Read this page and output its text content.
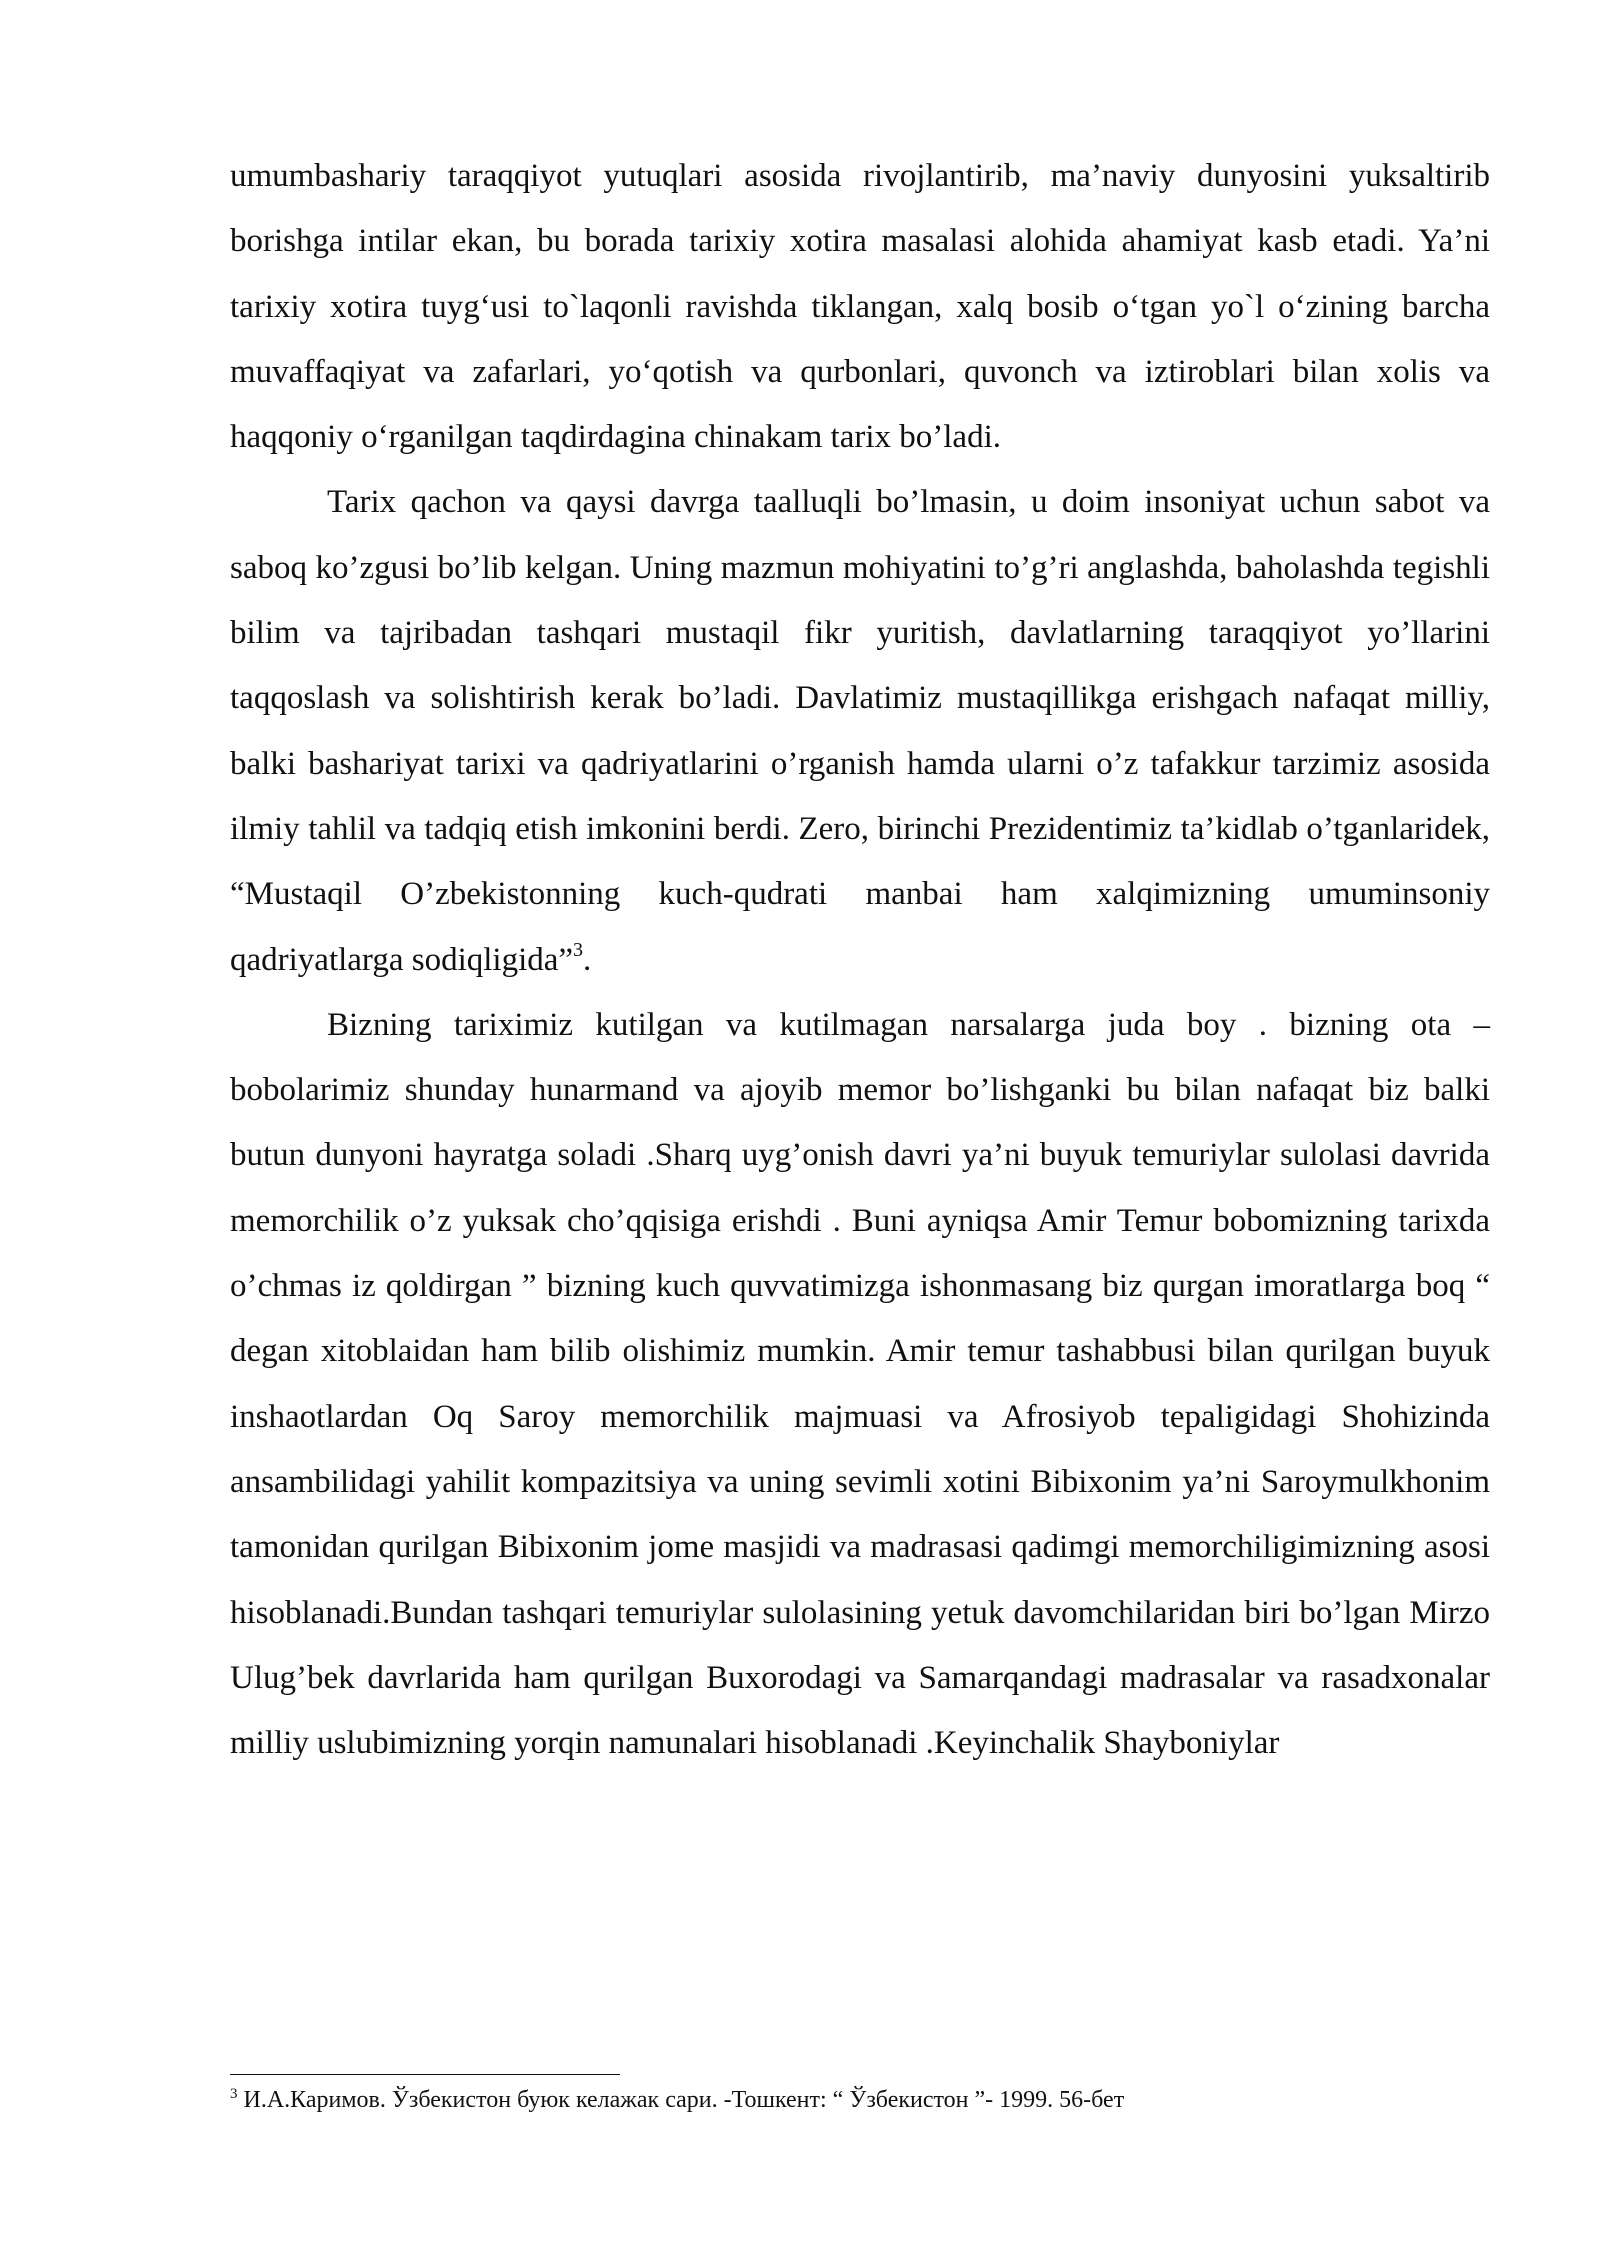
umumbashariy taraqqiyot yutuqlari asosida rivojlantirib, ma’naviy dunyosini yuksaltirib borishga intilar ekan, bu borada tarixiy xotira masalasi alohida ahamiyat kasb etadi. Ya’ni tarixiy xotira tuygʻusi to`laqonli ravishda tiklangan, xalq bosib oʻtgan yo`l oʻzining barcha muvaffaqiyat va zafarlari, yoʻqotish va qurbonlari, quvonch va iztiroblari bilan xolis va haqqoniy oʻrganilgan taqdirdagina chinakam tarix bo’ladi.

Tarix qachon va qaysi davrga taalluqli bo’lmasin, u doim insoniyat uchun sabot va saboq ko’zgusi bo’lib kelgan. Uning mazmun mohiyatini to’g’ri anglashda, baholashda tegishli bilim va tajribadan tashqari mustaqil fikr yuritish, davlatlarning taraqqiyot yo’llarini taqqoslash va solishtirish kerak bo’ladi. Davlatimiz mustaqillikga erishgach nafaqat milliy, balki bashariyat tarixi va qadriyatlarini o’rganish hamda ularni o’z tafakkur tarzimiz asosida ilmiy tahlil va tadqiq etish imkonini berdi. Zero, birinchi Prezidentimiz ta’kidlab o’tganlaridek, “Mustaqil O’zbekistonning kuch-qudrati manbai ham xalqimizning umuminsoniy qadriyatlarga sodiqligida”$^3$.

Bizning tariximiz kutilgan va kutilmagan narsalarga juda boy . bizning ota – bobolarimiz shunday hunarmand va ajoyib memor bo’lishganki bu bilan nafaqat biz balki butun dunyoni hayratga soladi .Sharq uyg’onish davri ya’ni buyuk temuriylar sulolasi davrida memorchilik o’z yuksak cho’qqisiga erishdi . Buni ayniqsa Amir Temur bobomizning tarixda o’chmas iz qoldirgan ” bizning kuch quvvatimizga ishonmasang biz qurgan imoratlarga boq “ degan xitoblaidan ham bilib olishimiz mumkin. Amir temur tashabbusi bilan qurilgan buyuk inshaotlardan Oq Saroy memorchilik majmuasi va Afrosiyob tepaligidagi Shohizinda ansambilidagi yahilit kompazitsiya va uning sevimli xotini Bibixonim ya’ni Saroymulkhonim tamonidan qurilgan Bibixonim jome masjidi va madrasasi qadimgi memorchiligimizning asosi hisoblanadi.Bundan tashqari temuriylar sulolasining yetuk davomchilaridan biri bo’lgan Mirzo Ulug’bek davrlarida ham qurilgan Buxorodagi va Samarqandagi madrasalar va rasadxonalar milliy uslubimizning yorqin namunalari hisoblanadi .Keyinchalik Shayboniylar

$^3$ И.А.Каримов. Ўзбекистон буюк келажак сари. -Тошкент: “ Ўзбекистон ”- 1999. 56-бет
